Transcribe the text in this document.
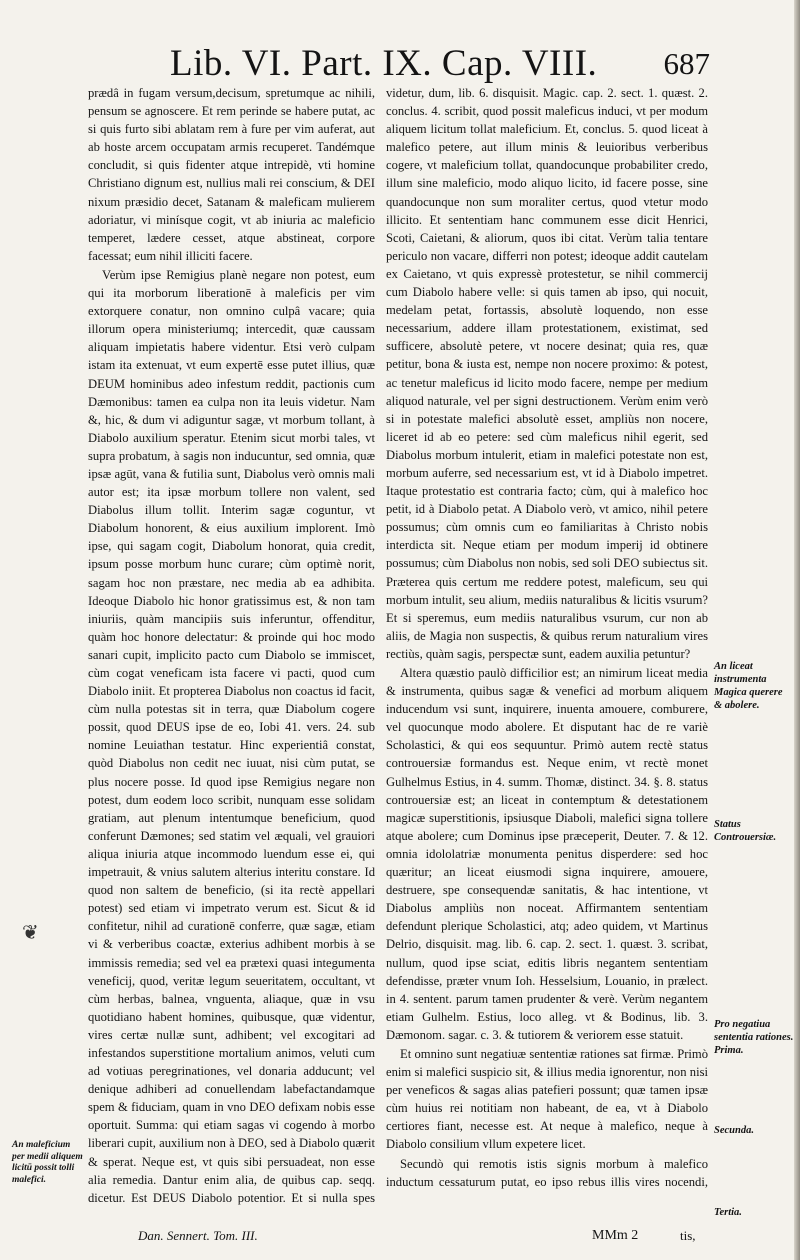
Lib. VI. Part. IX. Cap. VIII. 687

prædâ in fugam versum,decisum, spretumque ac nihili, pensum se agnoscere. Et rem perinde se habere putat, ac si quis furto sibi ablatam rem à fure per vim auferat, aut ab hoste arcem occupatam armis recuperet. Tandémque concludit, si quis fidenter atque intrepidè, vti homine Christiano dignum est, nullius mali rei conscium, & DEI nixum præsidio decet, Satanam & maleficam mulierem adoriatur, vi minísque cogit, vt ab iniuria ac maleficio temperet, lædere cesset, atque abstineat, corpore facessat; eum nihil illiciti facere.

Verùm ipse Remigius planè negare non potest, eum qui ita morborum liberationē à maleficis per vim extorquere conatur, non omnino culpâ vacare; quia illorum opera ministeriumq; intercedit, quæ caussam aliquam impietatis habere videntur. Etsi verò culpam istam ita extenuat, vt eum expertē esse putet illius, quæ DEUM hominibus adeo infestum reddit, pactionis cum Dæmonibus: tamen ea culpa non ita leuis videtur. Nam &, hic, & dum vi adiguntur sagæ, vt morbum tollant, à Diabolo auxilium speratur. Etenim sicut morbi tales, vt supra probatum, à sagis non inducuntur, sed omnia, quæ ipsæ agūt, vana & futilia sunt, Diabolus verò omnis mali autor est; ita ipsæ morbum tollere non valent, sed Diabolus illum tollit. Interim sagæ coguntur, vt Diabolum honorent, & eius auxilium implorent. Imò ipse, qui sagam cogit, Diabolum honorat, quia credit, ipsum posse morbum hunc curare; cùm optimè norit, sagam hoc non præstare, nec media ab ea adhibita. Ideoque Diabolo hic honor gratissimus est, & non tam iniuriis, quàm mancipiis suis inferuntur, offenditur, quàm hoc honore delectatur: & proinde qui hoc modo sanari cupit, implicito pacto cum Diabolo se immiscet, cùm cogat veneficam ista facere vi pacti, quod cum Diabolo iniit. Et propterea Diabolus non coactus id facit, cùm nulla potestas sit in terra, quæ Diabolum cogere possit, quod DEUS ipse de eo, Iobi 41. vers. 24. sub nomine Leuiathan testatur. Hinc experientiâ constat, quòd Diabolus non cedit nec iuuat, nisi cùm putat, se plus nocere posse. Id quod ipse Remigius negare non potest, dum eodem loco scribit, nunquam esse solidam gratiam, aut plenum intentumque beneficium, quod conferunt Dæmones; sed statim vel æquali, vel grauiori aliqua iniuria atque incommodo luendum esse ei, qui impetrauit, & vnius salutem alterius interitu constare. Id quod non saltem de beneficio, (si ita rectè appellari potest) sed etiam vi impetrato verum est. Sicut & id confitetur, nihil ad curationē conferre, quæ sagæ, etiam vi & verberibus coactæ, exterius adhibent morbis à se immissis remedia; sed vel ea prætexi quasi integumenta veneficij, quod, veritæ legum seueritatem, occultant, vt cùm herbas, balnea, vnguenta, aliaque, quæ in vsu quotidiano habent homines, quibusque, quæ videntur, vires certæ nullæ sunt, adhibent; vel excogitari ad infestandos superstitione mortalium animos, veluti cum ad votiuas peregrinationes, vel donaria adducunt; vel denique adhiberi ad conuellendam labefactandamque spem & fiduciam, quam in vno DEO defixam nobis esse oportuit. Summa: qui etiam sagas vi cogendo à morbo liberari cupit, auxilium non à DEO, sed à Diabolo quærit & sperat. Neque est, vt quis sibi persuadeat, non esse alia remedia. Dantur enim alia, de quibus cap. seqq. dicetur. Est DEUS Diabolo potentior. Et si nulla spes

videtur, dum, lib. 6. disquisit. Magic. cap. 2. sect. 1. quæst. 2. conclus. 4. scribit, quod possit maleficus induci, vt per modum aliquem licitum tollat maleficium. Et, conclus. 5. quod liceat à malefico petere, aut illum minis & leuioribus verberibus cogere, vt maleficium tollat, quandocunque probabiliter credo, illum sine maleficio, modo aliquo licito, id facere posse, sine quandocunque non sum moraliter certus, quod vtetur modo illicito. Et sententiam hanc communem esse dicit Henrici, Scoti, Caietani, & aliorum, quos ibi citat. Verùm talia tentare periculo non vacare, differri non potest; ideoque addit cautelam ex Caietano, vt quis expressè protestetur, se nihil commercij cum Diabolo habere velle: si quis tamen ab ipso, qui nocuit, medelam petat, fortassis, absolutè loquendo, non esse necessarium, addere illam protestationem, existimat, sed sufficere, absolutè petere, vt nocere desinat; quia res, quæ petitur, bona & iusta est, nempe non nocere proximo: & potest, ac tenetur maleficus id licito modo facere, nempe per medium aliquod naturale, vel per signi destructionem. Verùm enim verò si in potestate malefici absolutè esset, ampliùs non nocere, liceret id ab eo petere: sed cùm maleficus nihil egerit, sed Diabolus morbum intulerit, etiam in malefici potestate non est, morbum auferre, sed necessarium est, vt id à Diabolo impetret. Itaque protestatio est contraria facto; cùm, qui à malefico hoc petit, id à Diabolo petat. A Diabolo verò, vt amico, nihil petere possumus; cùm omnis cum eo familiaritas à Christo nobis interdicta sit. Neque etiam per modum imperij id obtinere possumus; cùm Diabolus non nobis, sed soli DEO subiectus sit. Præterea quis certum me reddere potest, maleficum, seu qui morbum intulit, seu alium, mediis naturalibus & licitis vsurum? Et si speremus, eum mediis naturalibus vsurum, cur non ab aliis, de Magia non suspectis, & quibus rerum naturalium vires rectiùs, quàm sagis, perspectæ sunt, eadem auxilia petuntur?

Altera quæstio paulò difficilior est; an nimirum liceat media & instrumenta, quibus sagæ & venefici ad morbum aliquem inducendum vsi sunt, inquirere, inuenta amouere, comburere, vel quocunque modo abolere. Et disputant hac de re variè Scholastici, & qui eos sequuntur. Primò autem rectè status controuersiæ formandus est. Neque enim, vt rectè monet Gulhelmus Estius, in 4. summ. Thomæ, distinct. 34. §. 8. status controuersiæ est; an liceat in contemptum & detestationem magicæ superstitionis, ipsiusque Diaboli, malefici signa tollere atque abolere; cum Dominus ipse præceperit, Deuter. 7. & 12. omnia idololatriæ monumenta penitus disperdere: sed hoc quæritur; an liceat eiusmodi signa inquirere, amouere, destruere, spe consequendæ sanitatis, & hac intentione, vt Diabolus ampliùs non noceat. Affirmantem sententiam defendunt plerique Scholastici, atq; adeo quidem, vt Martinus Delrio, disquisit. mag. lib. 6. cap. 2. sect. 1. quæst. 3. scribat, nullum, quod ipse sciat, editis libris negantem sententiam defendisse, præter vnum Ioh. Hesselsium, Louanio, in prælect. in 4. sentent. parum tamen prudenter & verè. Verùm negantem etiam Gulhelm. Estius, loco alleg. vt & Bodinus, lib. 3. Dæmonom. sagar. c. 3. & tutiorem & veriorem esse statuit.

Et omnino sunt negatiuæ sententiæ rationes sat firmæ. Primò enim si malefici suspicio sit, & illius media ignorentur, non nisi per veneficos & sagas alias patefieri possunt; quæ tamen ipsæ cùm huius rei notitiam non habeant, de ea, vt à Diabolo certiores fiant, necesse est. At neque à malefico, neque à Diabolo consilium vllum expetere licet.

Secundò qui remotis istis signis morbum à malefico inductum cessaturum putat, eo ipso rebus illis vires nocendi,

An liceat instrumenta Magica querere & abolere.
Status Controuersiæ.
Pro negatiua sententia rationes. Prima.
Secunda.
Tertia.
An maleficium per medii aliquem licitū possit tolli malefici.
❦
Dan. Sennert. Tom. III.	MMm 2	tis,
